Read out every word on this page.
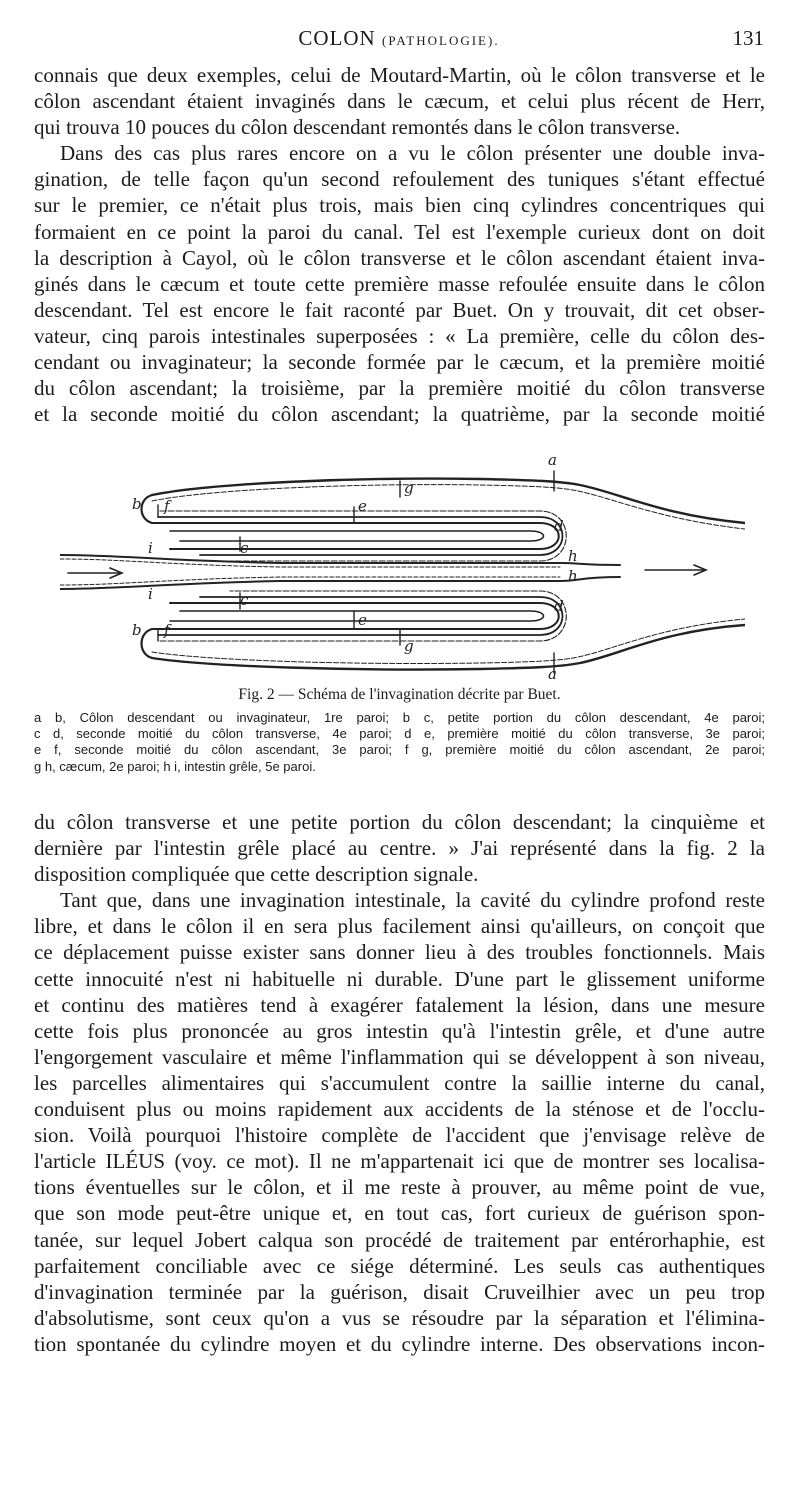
COLON (PATHOLOGIE).	131
connais que deux exemples, celui de Moutard-Martin, où le côlon transverse et le
côlon ascendant étaient invaginés dans le cæcum, et celui plus récent de Herr,
qui trouva 10 pouces du côlon descendant remontés dans le côlon transverse.
Dans des cas plus rares encore on a vu le côlon présenter une double inva-
gination, de telle façon qu'un second refoulement des tuniques s'étant effectué
sur le premier, ce n'était plus trois, mais bien cinq cylindres concentriques qui
formaient en ce point la paroi du canal. Tel est l'exemple curieux dont on doit
la description à Cayol, où le côlon transverse et le côlon ascendant étaient inva-
ginés dans le cæcum et toute cette première masse refoulée ensuite dans le côlon
descendant. Tel est encore le fait raconté par Buet. On y trouvait, dit cet obser-
vateur, cinq parois intestinales superposées : « La première, celle du côlon des-
cendant ou invaginateur; la seconde formée par le cæcum, et la première moitié
du côlon ascendant; la troisième, par la première moitié du côlon transverse
et la seconde moitié du côlon ascendant; la quatrième, par la seconde moitié
a
a
b
b
c
c
d
d
e
e
f
f
g
g
h
h
i
i
Fig. 2 — Schéma de l'invagination décrite par Buet.
a b, Côlon descendant ou invaginateur, 1re paroi; b c, petite portion du côlon descendant, 4e paroi;
c d, seconde moitié du côlon transverse, 4e paroi; d e, première moitié du côlon transverse, 3e paroi;
e f, seconde moitié du côlon ascendant, 3e paroi; f g, première moitié du côlon ascendant, 2e paroi;
g h, cæcum, 2e paroi; h i, intestin grêle, 5e paroi.
du côlon transverse et une petite portion du côlon descendant; la cinquième et
dernière par l'intestin grêle placé au centre. » J'ai représenté dans la fig. 2 la
disposition compliquée que cette description signale.
Tant que, dans une invagination intestinale, la cavité du cylindre profond reste
libre, et dans le côlon il en sera plus facilement ainsi qu'ailleurs, on conçoit que
ce déplacement puisse exister sans donner lieu à des troubles fonctionnels. Mais
cette innocuité n'est ni habituelle ni durable. D'une part le glissement uniforme
et continu des matières tend à exagérer fatalement la lésion, dans une mesure
cette fois plus prononcée au gros intestin qu'à l'intestin grêle, et d'une autre
l'engorgement vasculaire et même l'inflammation qui se développent à son niveau,
les parcelles alimentaires qui s'accumulent contre la saillie interne du canal,
conduisent plus ou moins rapidement aux accidents de la sténose et de l'occlu-
sion. Voilà pourquoi l'histoire complète de l'accident que j'envisage relève de
l'article ILÉUS (voy. ce mot). Il ne m'appartenait ici que de montrer ses localisa-
tions éventuelles sur le côlon, et il me reste à prouver, au même point de vue,
que son mode peut-être unique et, en tout cas, fort curieux de guérison spon-
tanée, sur lequel Jobert calqua son procédé de traitement par entérorhaphie, est
parfaitement conciliable avec ce siége déterminé. Les seuls cas authentiques
d'invagination terminée par la guérison, disait Cruveilhier avec un peu trop
d'absolutisme, sont ceux qu'on a vus se résoudre par la séparation et l'élimina-
tion spontanée du cylindre moyen et du cylindre interne. Des observations incon-
